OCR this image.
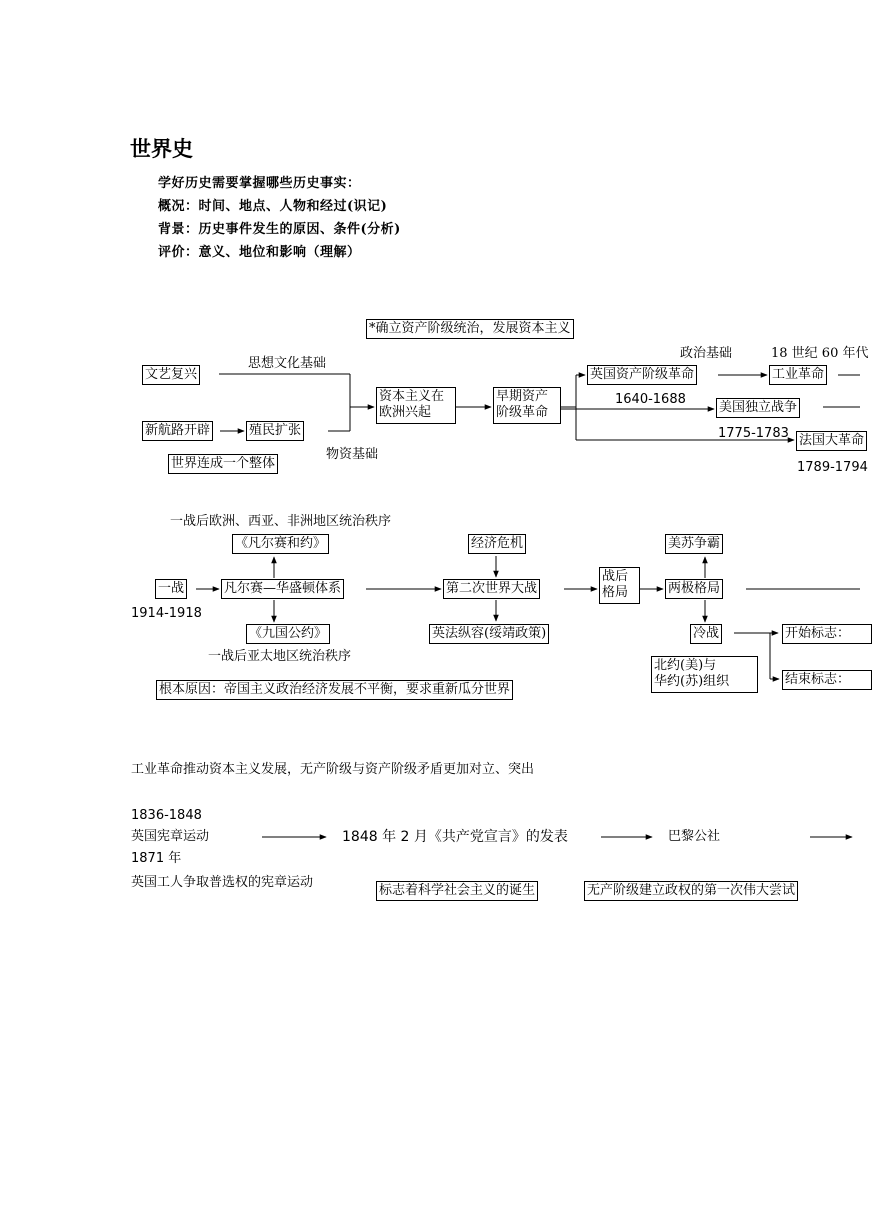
世界史
学好历史需要掌握哪些历史事实：
概况：时间、地点、人物和经过(识记)
背景：历史事件发生的原因、条件(分析)
评价：意义、地位和影响（理解）
*确立资产阶级统治，发展资本主义
文艺复兴
思想文化基础
新航路开辟	殖民扩张
世界连成一个整体
物资基础
资本主义在
欧洲兴起
早期资产
阶级革命
政治基础	18 世纪 60 年代
英国资产阶级革命	工业革命
1640-1688
美国独立战争
1775-1783 法国大革命
1789-1794
一战后欧洲、西亚、非洲地区统治秩序
《凡尔赛和约》
一战
1914-1918
凡尔赛—华盛顿体系
《九国公约》
一战后亚太地区统治秩序
根本原因：帝国主义政治经济发展不平衡，要求重新瓜分世界
经济危机
第二次世界大战
英法纵容(绥靖政策)
战后
格局
美苏争霸
两极格局
冷战
北约(美)与
华约(苏)组织
开始标志：
结束标志：
工业革命推动资本主义发展，无产阶级与资产阶级矛盾更加对立、突出
1836-1848
英国宪章运动	1848 年 2 月《共产党宣言》的发表	巴黎公社
1871 年
英国工人争取普选权的宪章运动
标志着科学社会主义的诞生	无产阶级建立政权的第一次伟大尝试
